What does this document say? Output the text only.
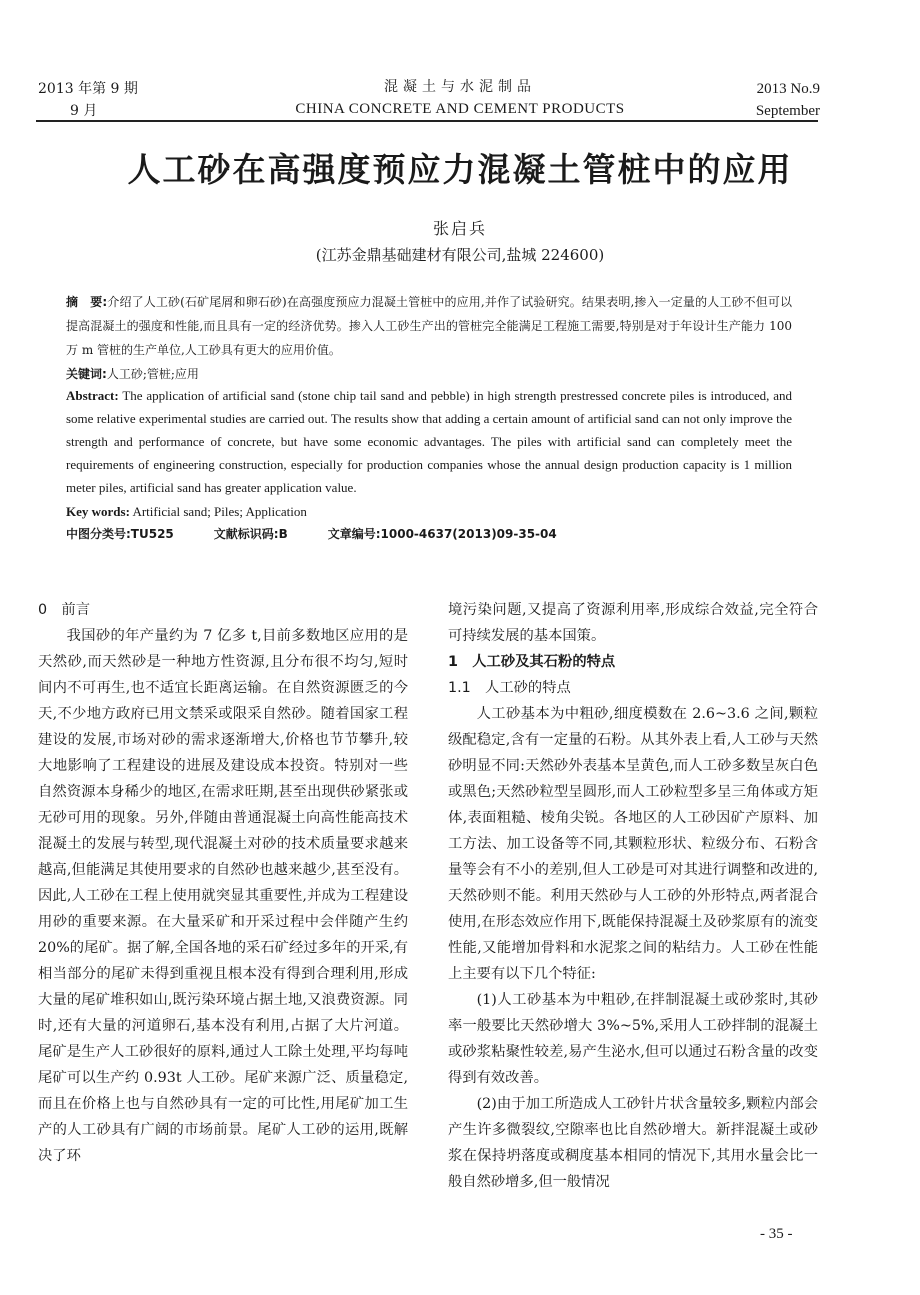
2013 年第 9 期
9 月
混凝土与水泥制品
CHINA CONCRETE AND CEMENT PRODUCTS
2013 No.9
September
人工砂在高强度预应力混凝土管桩中的应用
张启兵
(江苏金鼎基础建材有限公司,盐城 224600)
摘　要:介绍了人工砂(石矿尾屑和卵石砂)在高强度预应力混凝土管桩中的应用,并作了试验研究。结果表明,掺入一定量的人工砂不但可以提高混凝土的强度和性能,而且具有一定的经济优势。掺入人工砂生产出的管桩完全能满足工程施工需要,特别是对于年设计生产能力 100 万 m 管桩的生产单位,人工砂具有更大的应用价值。
关键词:人工砂;管桩;应用
Abstract: The application of artificial sand (stone chip tail sand and pebble) in high strength prestressed concrete piles is introduced, and some relative experimental studies are carried out. The results show that adding a certain amount of artificial sand can not only improve the strength and performance of concrete, but have some economic advantages. The piles with artificial sand can completely meet the requirements of engineering construction, especially for production companies whose the annual design production capacity is 1 million meter piles, artificial sand has greater application value.
Key words: Artificial sand; Piles; Application
中图分类号:TU525	文献标识码:B	文章编号:1000-4637(2013)09-35-04

0　前言

我国砂的年产量约为 7 亿多 t,目前多数地区应用的是天然砂,而天然砂是一种地方性资源,且分布很不均匀,短时间内不可再生,也不适宜长距离运输。在自然资源匮乏的今天,不少地方政府已用文禁采或限采自然砂。随着国家工程建设的发展,市场对砂的需求逐渐增大,价格也节节攀升,较大地影响了工程建设的进展及建设成本投资。特别对一些自然资源本身稀少的地区,在需求旺期,甚至出现供砂紧张或无砂可用的现象。另外,伴随由普通混凝土向高性能高技术混凝土的发展与转型,现代混凝土对砂的技术质量要求越来越高,但能满足其使用要求的自然砂也越来越少,甚至没有。因此,人工砂在工程上使用就突显其重要性,并成为工程建设用砂的重要来源。在大量采矿和开采过程中会伴随产生约 20%的尾矿。据了解,全国各地的采石矿经过多年的开采,有相当部分的尾矿未得到重视且根本没有得到合理利用,形成大量的尾矿堆积如山,既污染环境占据土地,又浪费资源。同时,还有大量的河道卵石,基本没有利用,占据了大片河道。尾矿是生产人工砂很好的原料,通过人工除土处理,平均每吨尾矿可以生产约 0.93t 人工砂。尾矿来源广泛、质量稳定,而且在价格上也与自然砂具有一定的可比性,用尾矿加工生产的人工砂具有广阔的市场前景。尾矿人工砂的运用,既解决了环

境污染问题,又提高了资源利用率,形成综合效益,完全符合可持续发展的基本国策。

1　人工砂及其石粉的特点

1.1　人工砂的特点

人工砂基本为中粗砂,细度模数在 2.6~3.6 之间,颗粒级配稳定,含有一定量的石粉。从其外表上看,人工砂与天然砂明显不同:天然砂外表基本呈黄色,而人工砂多数呈灰白色或黑色;天然砂粒型呈圆形,而人工砂粒型多呈三角体或方矩体,表面粗糙、棱角尖锐。各地区的人工砂因矿产原料、加工方法、加工设备等不同,其颗粒形状、粒级分布、石粉含量等会有不小的差别,但人工砂是可对其进行调整和改进的,天然砂则不能。利用天然砂与人工砂的外形特点,两者混合使用,在形态效应作用下,既能保持混凝土及砂浆原有的流变性能,又能增加骨料和水泥浆之间的粘结力。人工砂在性能上主要有以下几个特征:

(1)人工砂基本为中粗砂,在拌制混凝土或砂浆时,其砂率一般要比天然砂增大 3%~5%,采用人工砂拌制的混凝土或砂浆粘聚性较差,易产生泌水,但可以通过石粉含量的改变得到有效改善。

(2)由于加工所造成人工砂针片状含量较多,颗粒内部会产生许多微裂纹,空隙率也比自然砂增大。新拌混凝土或砂浆在保持坍落度或稠度基本相同的情况下,其用水量会比一般自然砂增多,但一般情况

- 35 -
